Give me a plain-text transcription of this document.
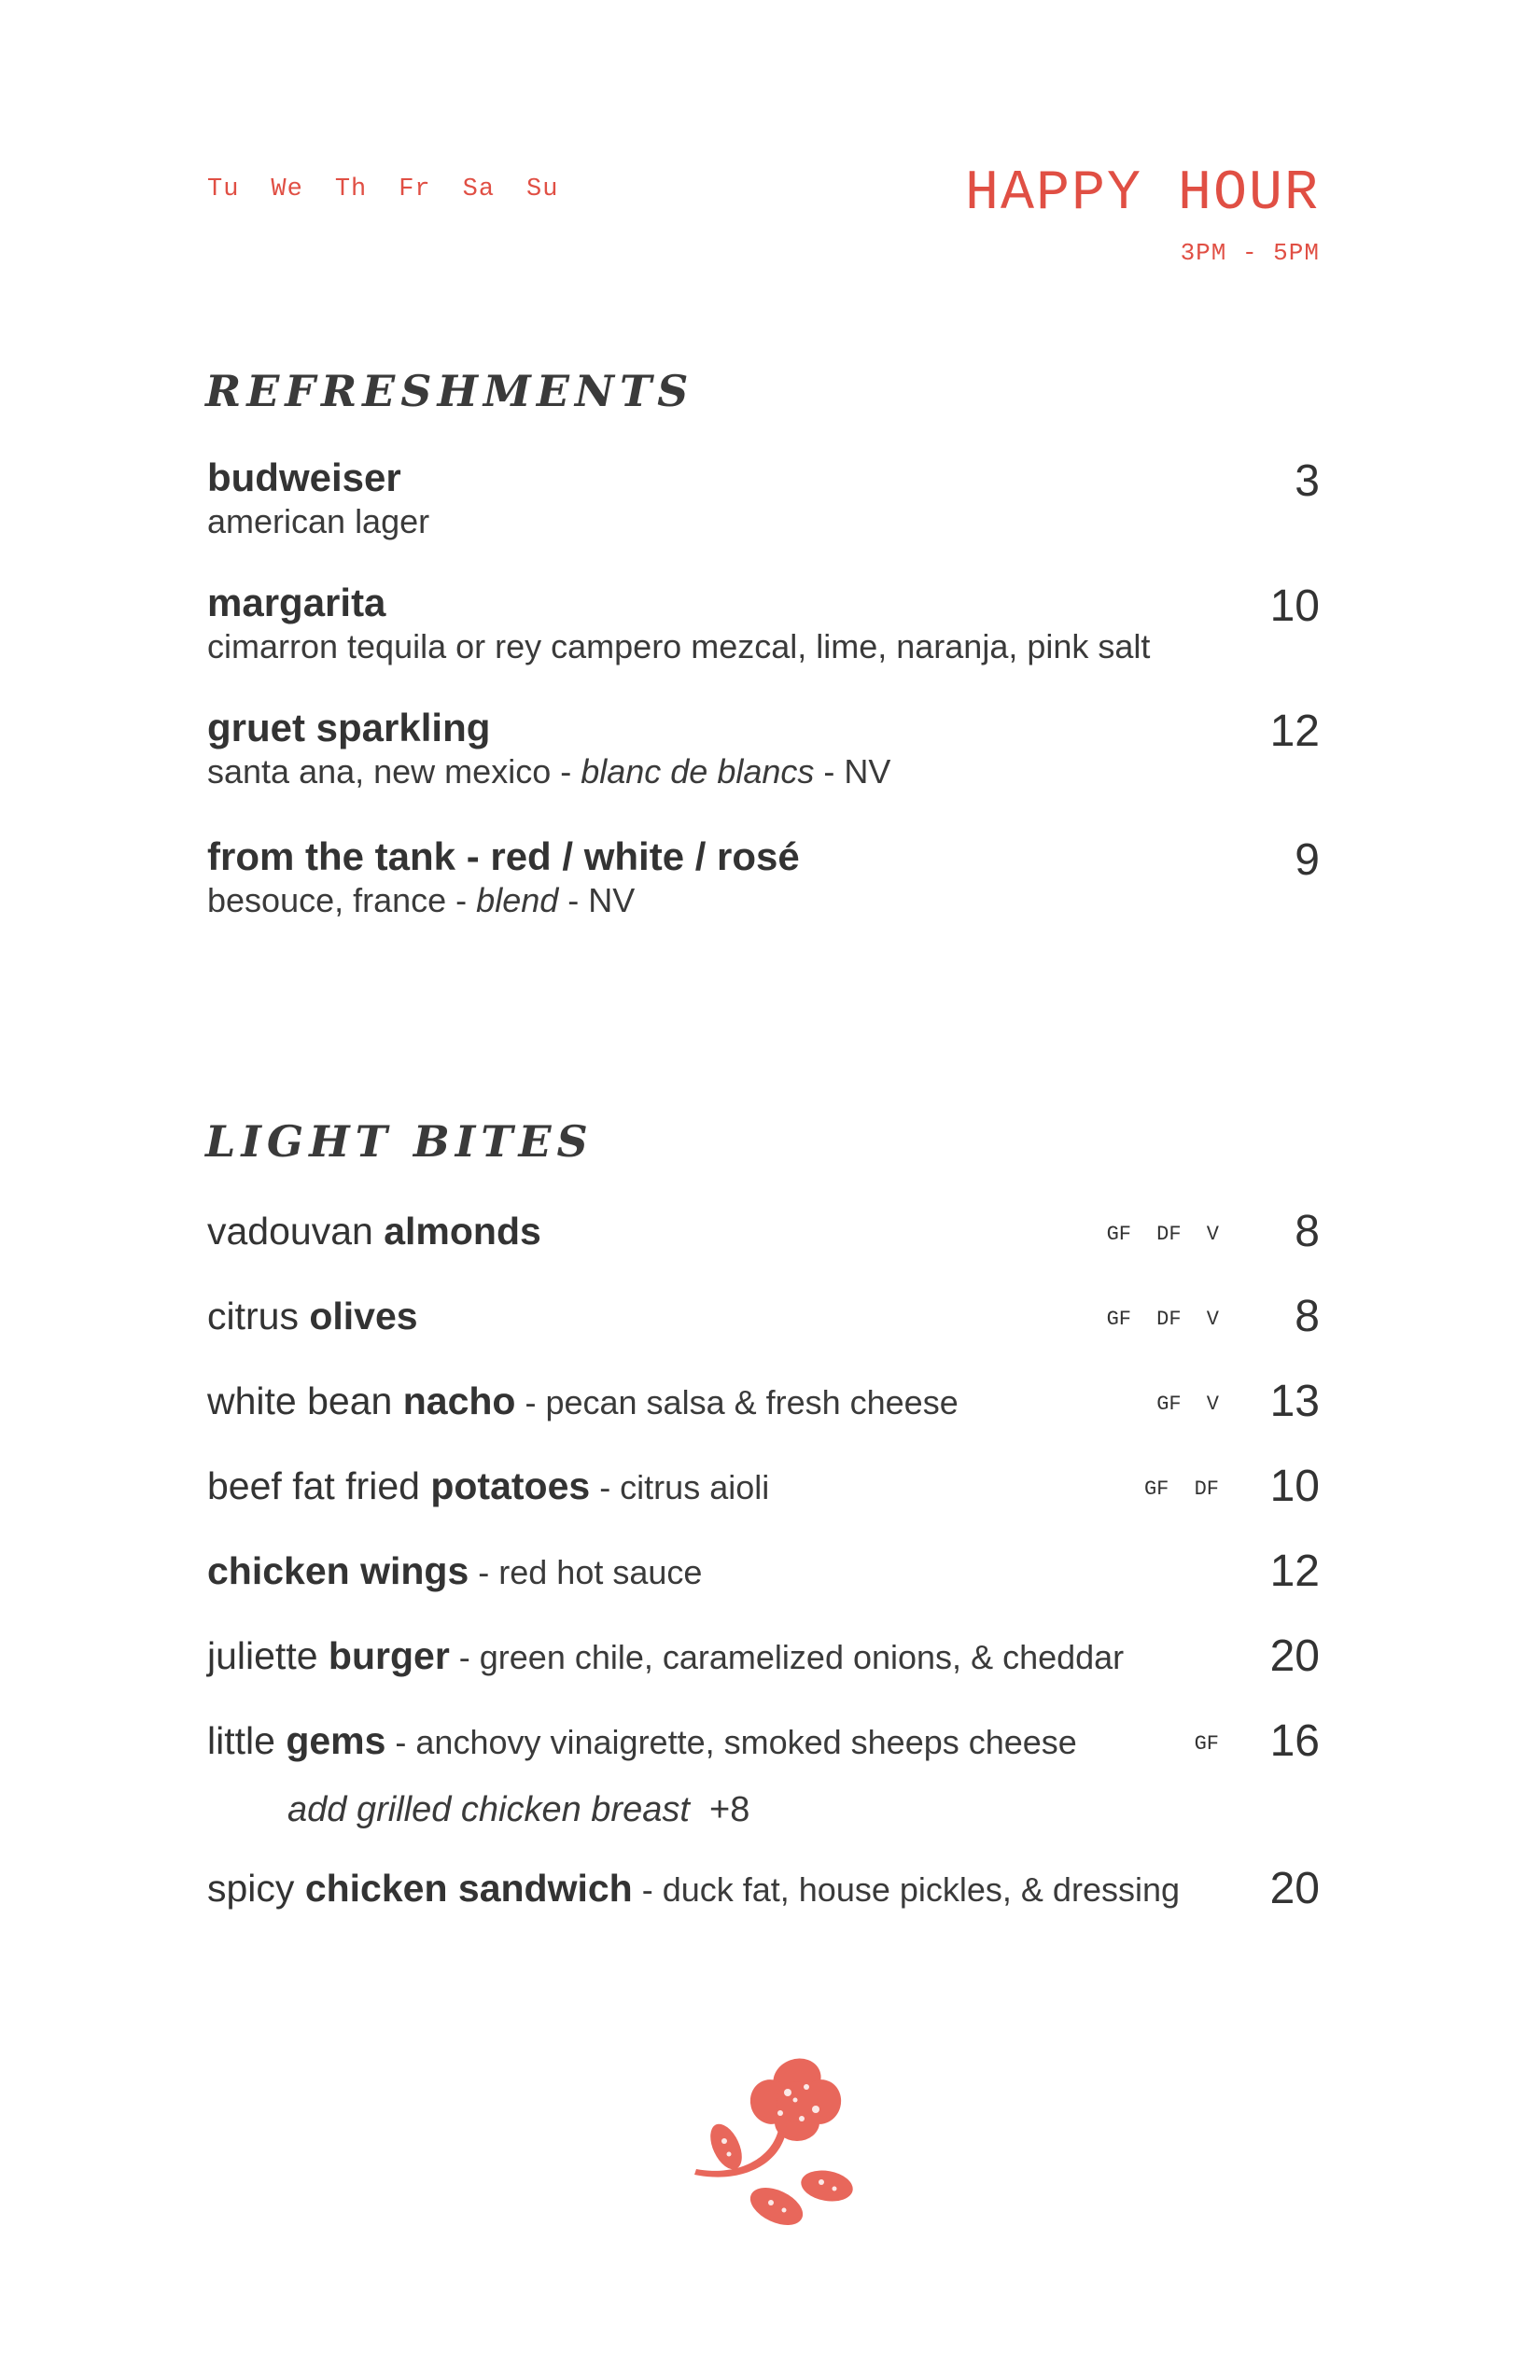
Tu We Th Fr Sa Su	HAPPY HOUR
3PM - 5PM
REFRESHMENTS
budweiser
american lager
3
margarita
cimarron tequila or rey campero mezcal, lime, naranja, pink salt
10
gruet sparkling
santa ana, new mexico - blanc de blancs - NV
12
from the tank - red / white / rosé
besouce, france - blend - NV
9
LIGHT BITES
vadouvan almonds	GF DF V 8
citrus olives	GF DF V 8
white bean nacho - pecan salsa & fresh cheese	GF V 13
beef fat fried potatoes - citrus aioli	GF DF 10
chicken wings - red hot sauce	12
juliette burger - green chile, caramelized onions, & cheddar	20
little gems - anchovy vinaigrette, smoked sheeps cheese	GF 16
add grilled chicken breast +8
spicy chicken sandwich - duck fat, house pickles, & dressing	20
